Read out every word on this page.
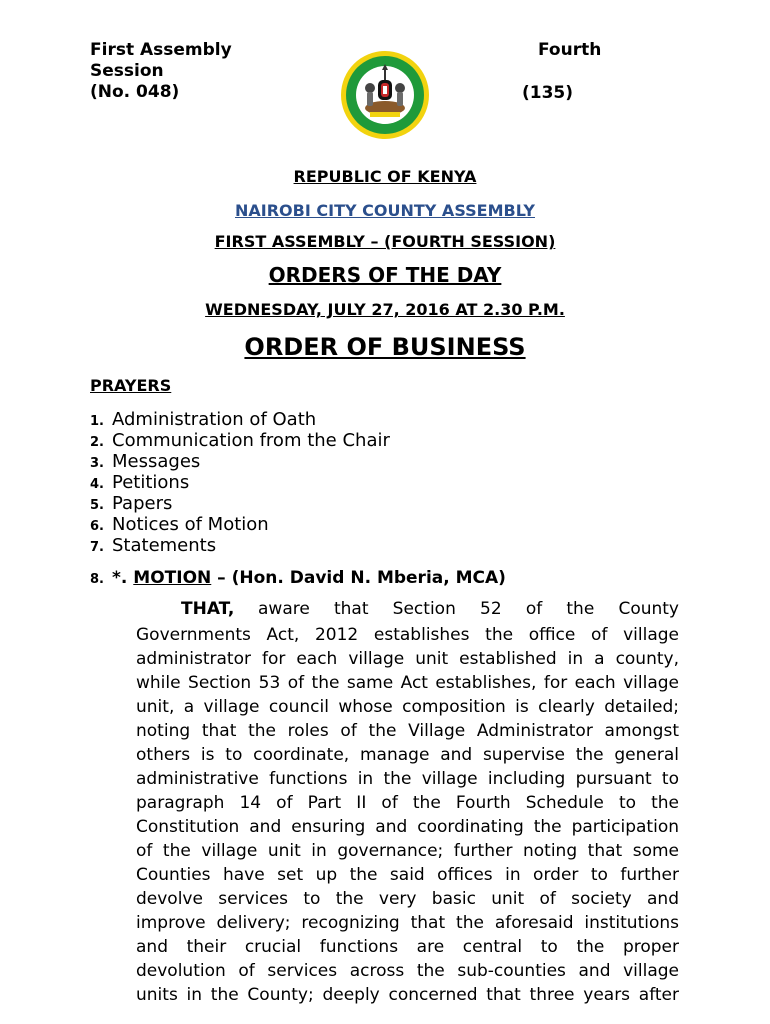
First Assembly
Session
(No. 048)
Fourth
(135)
REPUBLIC OF KENYA
NAIROBI CITY COUNTY ASSEMBLY
FIRST ASSEMBLY – (FOURTH SESSION)
ORDERS OF THE DAY
WEDNESDAY, JULY 27, 2016 AT 2.30 P.M.
ORDER OF BUSINESS
PRAYERS
1. Administration of Oath
2. Communication from the Chair
3. Messages
4. Petitions
5. Papers
6. Notices of Motion
7. Statements
8. *. MOTION – (Hon. David N. Mberia, MCA)
THAT, aware that Section 52 of the County
Governments Act, 2012 establishes the office of village
administrator for each village unit established in a county,
while Section 53 of the same Act establishes, for each village
unit, a village council whose composition is clearly detailed;
noting that the roles of the Village Administrator amongst
others is to coordinate, manage and supervise the general
administrative functions in the village including pursuant to
paragraph 14 of Part II of the Fourth Schedule to the
Constitution and ensuring and coordinating the participation
of the village unit in governance; further noting that some
Counties have set up the said offices in order to further
devolve services to the very basic unit of society and
improve delivery; recognizing that the aforesaid institutions
and their crucial functions are central to the proper
devolution of services across the sub-counties and village
units in the County; deeply concerned that three years after
